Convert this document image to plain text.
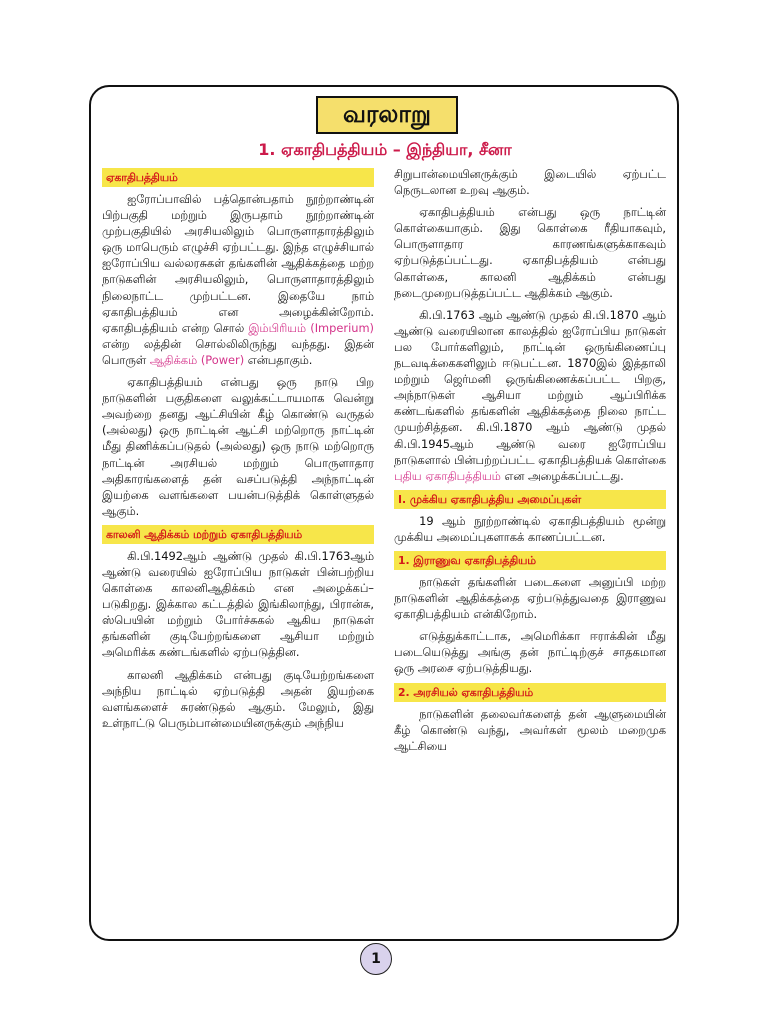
வரலாறு
1. ஏகாதிபத்தியம் – இந்தியா, சீனா
ஏகாதிபத்தியம்

ஐரோப்பாவில் பத்தொன்பதாம் நூற்றாண்டின் பிற்பகுதி மற்றும் இருபதாம் நூற்றாண்டின் முற்பகுதியில் அரசியலிலும் பொருளாதாரத்திலும் ஒரு மாபெரும் எழுச்சி ஏற்பட்டது. இந்த எழுச்சியால் ஐரோப்பிய வல்லரசுகள் தங்களின் ஆதிக்கத்தை மற்ற நாடுகளின் அரசியலிலும், பொருளாதாரத்திலும் நிலைநாட்ட முற்பட்டன. இதையே நாம் ஏகாதிபத்தியம் என அழைக்கின்றோம். ஏகாதிபத்தியம் என்ற சொல் இம்பிரியம் (Imperium) என்ற லத்தின் சொல்லிலிருந்து வந்தது. இதன் பொருள் ஆதிக்கம் (Power) என்பதாகும்.

ஏகாதிபத்தியம் என்பது ஒரு நாடு பிற நாடுகளின் பகுதிகளை வலுக்கட்டாயமாக வென்று அவற்றை தனது ஆட்சியின் கீழ் கொண்டு வருதல் (அல்லது) ஒரு நாட்டின் ஆட்சி மற்றொரு நாட்டின் மீது திணிக்கப்படுதல் (அல்லது) ஒரு நாடு மற்றொரு நாட்டின் அரசியல் மற்றும் பொருளாதார அதிகாரங்களைத் தன் வசப்படுத்தி அந்நாட்டின் இயற்கை வளங்களை பயன்படுத்திக் கொள்ளுதல் ஆகும்.

காலனி ஆதிக்கம் மற்றும் ஏகாதிபத்தியம்

கி.பி.1492ஆம் ஆண்டு முதல் கி.பி.1763ஆம் ஆண்டு வரையில் ஐரோப்பிய நாடுகள் பின்பற்றிய கொள்கை காலனிஆதிக்கம் என அழைக்கப்– படுகிறது. இக்கால கட்டத்தில் இங்கிலாந்து, பிரான்சு, ஸ்பெயின் மற்றும் போர்ச்சுகல் ஆகிய நாடுகள் தங்களின் குடியேற்றங்களை ஆசியா மற்றும் அமெரிக்க கண்டங்களில் ஏற்படுத்தின.

காலனி ஆதிக்கம் என்பது குடியேற்றங்களை அந்நிய நாட்டில் ஏற்படுத்தி அதன் இயற்கை வளங்களைச் சுரண்டுதல் ஆகும். மேலும், இது உள்நாட்டு பெரும்பான்மையினருக்கும் அந்நிய

சிறுபான்மையினருக்கும் இடையில் ஏற்பட்ட நெருடலான உறவு ஆகும்.

ஏகாதிபத்தியம் என்பது ஒரு நாட்டின் கொள்கையாகும். இது கொள்கை ரீதியாகவும், பொருளாதார காரணங்களுக்காகவும் ஏற்படுத்தப்பட்டது. ஏகாதிபத்தியம் என்பது கொள்கை, காலனி ஆதிக்கம் என்பது நடைமுறைபடுத்தப்பட்ட ஆதிக்கம் ஆகும்.

கி.பி.1763 ஆம் ஆண்டு முதல் கி.பி.1870 ஆம் ஆண்டு வரையிலான காலத்தில் ஐரோப்பிய நாடுகள் பல போர்களிலும், நாட்டின் ஒருங்கிணைப்பு நடவடிக்கைகளிலும் ஈடுபட்டன. 1870இல் இத்தாலி மற்றும் ஜெர்மனி ஒருங்கிணைக்கப்பட்ட பிறகு, அந்நாடுகள் ஆசியா மற்றும் ஆப்பிரிக்க கண்டங்களில் தங்களின் ஆதிக்கத்தை நிலை நாட்ட முயற்சித்தன. கி.பி.1870 ஆம் ஆண்டு முதல் கி.பி.1945ஆம் ஆண்டு வரை ஐரோப்பிய நாடுகளால் பின்பற்றப்பட்ட ஏகாதிபத்தியக் கொள்கை புதிய ஏகாதிபத்தியம் என அழைக்கப்பட்டது.

I. முக்கிய ஏகாதிபத்திய அமைப்புகள்

19 ஆம் நூற்றாண்டில் ஏகாதிபத்தியம் மூன்று முக்கிய அமைப்புகளாகக் காணப்பட்டன.

1. இராணுவ ஏகாதிபத்தியம்

நாடுகள் தங்களின் படைகளை அனுப்பி மற்ற நாடுகளின் ஆதிக்கத்தை ஏற்படுத்துவதை இராணுவ ஏகாதிபத்தியம் என்கிறோம்.

எடுத்துக்காட்டாக, அமெரிக்கா ஈராக்கின் மீது படையெடுத்து அங்கு தன் நாட்டிற்குச் சாதகமான ஒரு அரசை ஏற்படுத்தியது.

2. அரசியல் ஏகாதிபத்தியம்

நாடுகளின் தலைவர்களைத் தன் ஆளுமையின் கீழ் கொண்டு வந்து, அவர்கள் மூலம் மறைமுக ஆட்சியை

1
